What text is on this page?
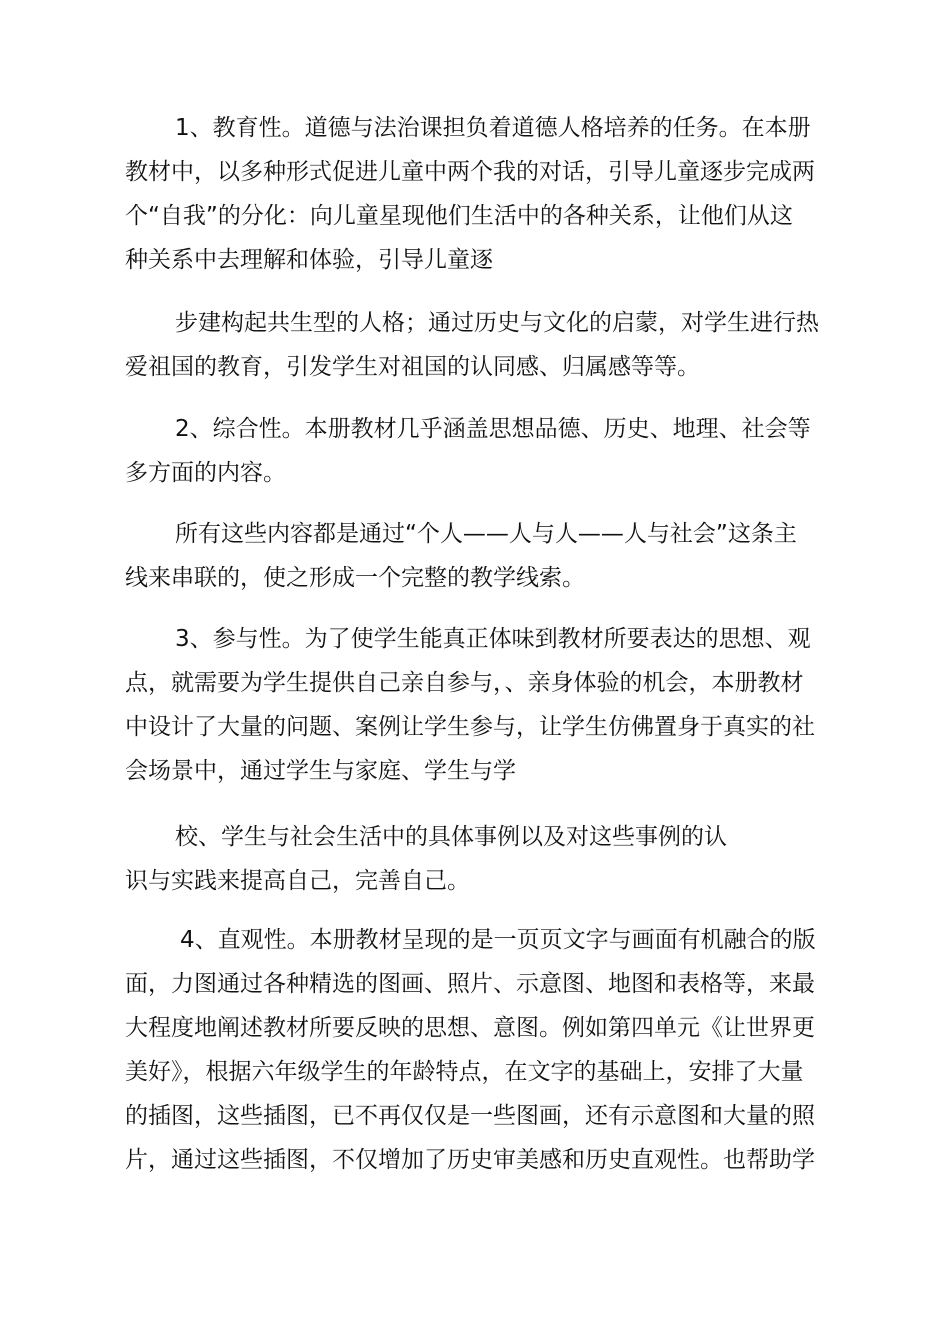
1、教育性。道德与法治课担负着道德人格培养的任务。在本册
教材中，以多种形式促进儿童中两个我的对话，引导儿童逐步完成两
个“自我”的分化：向儿童星现他们生活中的各种关系，让他们从这
种关系中去理解和体验，引导儿童逐
步建构起共生型的人格；通过历史与文化的启蒙，对学生进行热
爱祖国的教育，引发学生对祖国的认同感、归属感等等。
2、综合性。本册教材几乎涵盖思想品德、历史、地理、社会等
多方面的内容。
所有这些内容都是通过“个人——人与人——人与社会”这条主
线来串联的，使之形成一个完整的教学线索。
3、参与性。为了使学生能真正体味到教材所要表达的思想、观
点，就需要为学生提供自己亲自参与，、亲身体验的机会，本册教材
中设计了大量的问题、案例让学生参与，让学生仿佛置身于真实的社
会场景中，通过学生与家庭、学生与学
校、学生与社会生活中的具体事例以及对这些事例的认
识与实践来提高自己，完善自己。
4、直观性。本册教材呈现的是一页页文字与画面有机融合的版
面，力图通过各种精选的图画、照片、示意图、地图和表格等，来最
大程度地阐述教材所要反映的思想、意图。例如第四单元《让世界更
美好》，根据六年级学生的年龄特点，在文字的基础上，安排了大量
的插图，这些插图，已不再仅仅是一些图画，还有示意图和大量的照
片，通过这些插图，不仅增加了历史审美感和历史直观性。也帮助学
